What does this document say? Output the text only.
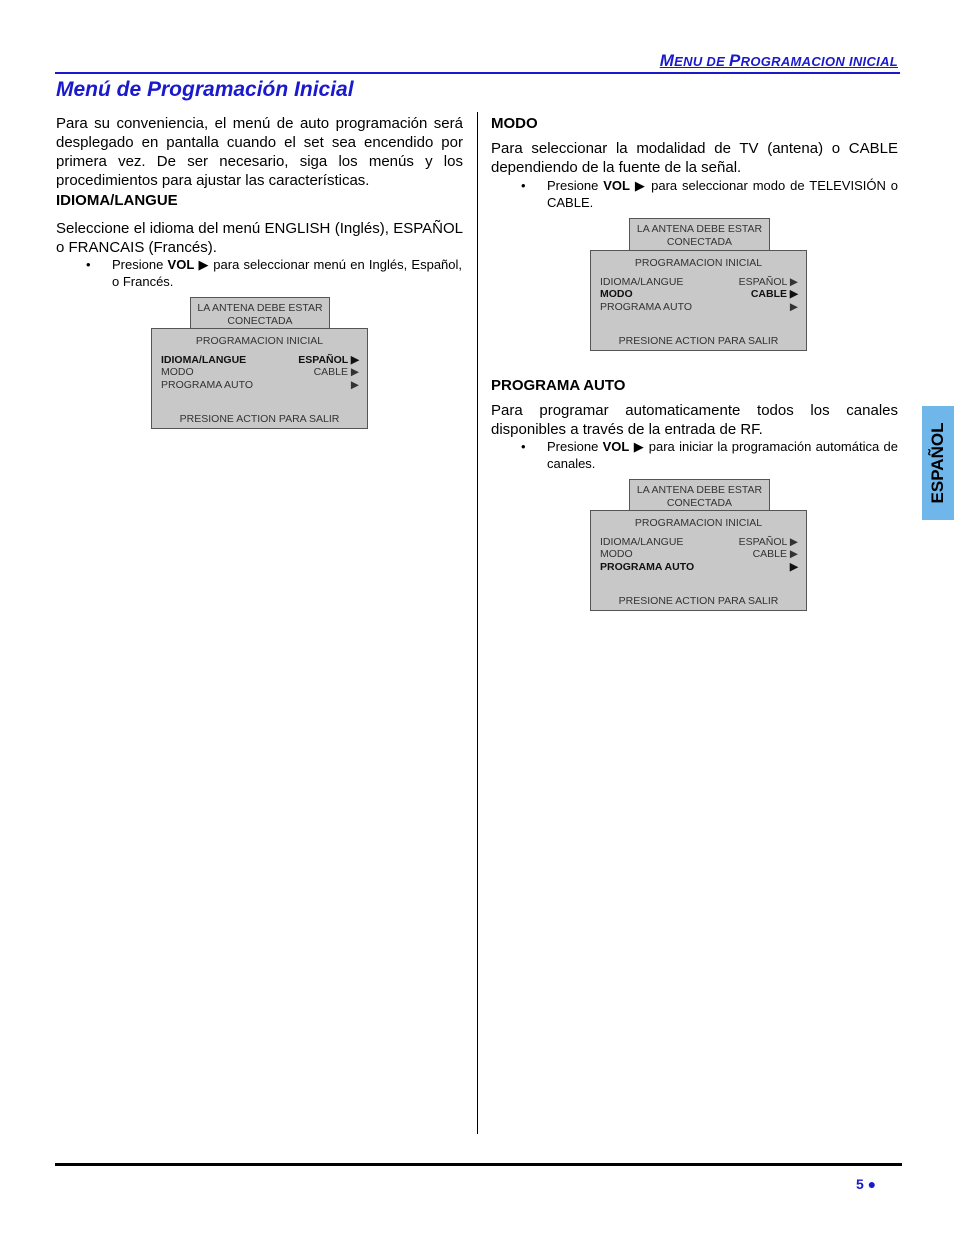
MENU DE PROGRAMACION INICIAL
Menú de Programación Inicial
Para su conveniencia, el menú de auto programación será desplegado en pantalla cuando el set sea encendido por primera vez. De ser necesario, siga los menús y los procedimientos para ajustar las características.
IDIOMA/LANGUE
Seleccione el idioma del menú ENGLISH (Inglés), ESPAÑOL o FRANCAIS (Francés).
• Presione VOL ▶ para seleccionar menú en Inglés, Español, o Francés.
LA ANTENA DEBE ESTAR
CONECTADA
PROGRAMACION INICIAL
IDIOMA/LANGUE	ESPAÑOL ▶
MODO	CABLE ▶
PROGRAMA AUTO	▶
PRESIONE ACTION PARA SALIR
MODO
Para seleccionar la modalidad de TV (antena) o CABLE dependiendo de la fuente de la señal.
• Presione VOL ▶ para seleccionar modo de TELEVISIÓN o CABLE.
LA ANTENA DEBE ESTAR
CONECTADA
PROGRAMACION INICIAL
IDIOMA/LANGUE	ESPAÑOL ▶
MODO	CABLE ▶
PROGRAMA AUTO	▶
PRESIONE ACTION PARA SALIR
PROGRAMA AUTO
Para programar automaticamente todos los canales disponibles a través de la entrada de RF.
• Presione VOL ▶ para iniciar la programación automática de canales.
LA ANTENA DEBE ESTAR
CONECTADA
PROGRAMACION INICIAL
IDIOMA/LANGUE	ESPAÑOL ▶
MODO	CABLE ▶
PROGRAMA AUTO	▶
PRESIONE ACTION PARA SALIR
ESPAÑOL
5 ●
